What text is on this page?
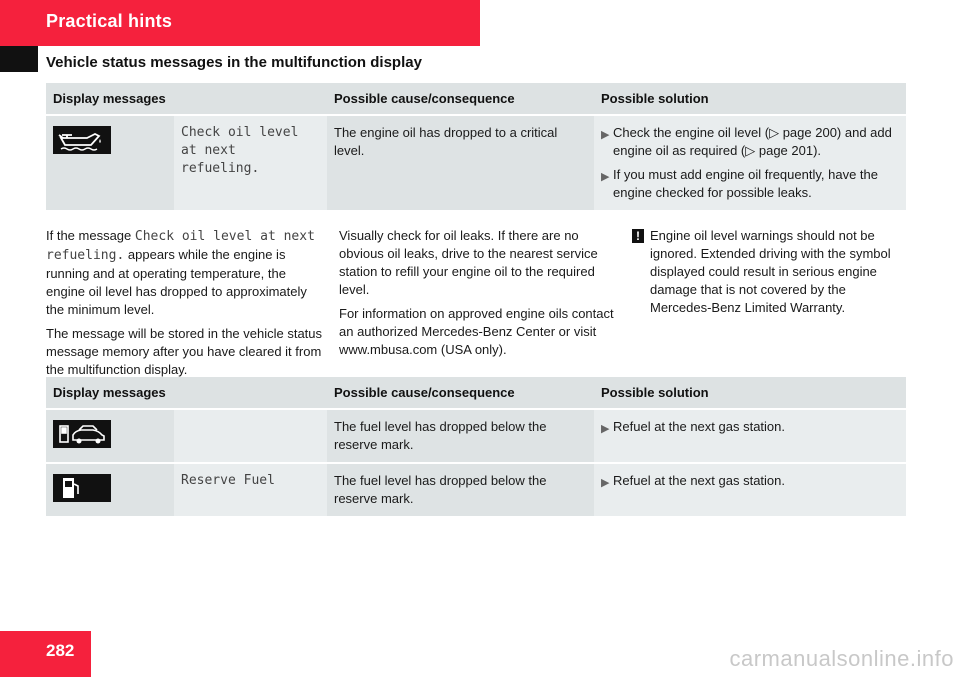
Practical hints
Vehicle status messages in the multifunction display
Display messages		Possible cause/consequence	Possible solution

	Check oil level at next refueling.	The engine oil has dropped to a critical level.	▶ Check the engine oil level (▷ page 200) and add engine oil as required (▷ page 201).
▶ If you must add engine oil frequently, have the engine checked for possible leaks.

If the message Check oil level at next refueling. appears while the engine is running and at operating temperature, the engine oil level has dropped to approximately the minimum level.

The message will be stored in the vehicle status message memory after you have cleared it from the multifunction display.

Visually check for oil leaks. If there are no obvious oil leaks, drive to the nearest service station to refill your engine oil to the required level.

For information on approved engine oils contact an authorized Mercedes-Benz Center or visit www.mbusa.com (USA only).

! Engine oil level warnings should not be ignored. Extended driving with the symbol displayed could result in serious engine damage that is not covered by the Mercedes-Benz Limited Warranty.
Display messages		Possible cause/consequence	Possible solution

		The fuel level has dropped below the reserve mark.	▶ Refuel at the next gas station.

	Reserve Fuel	The fuel level has dropped below the reserve mark.	▶ Refuel at the next gas station.
282	carmanualsonline.info
